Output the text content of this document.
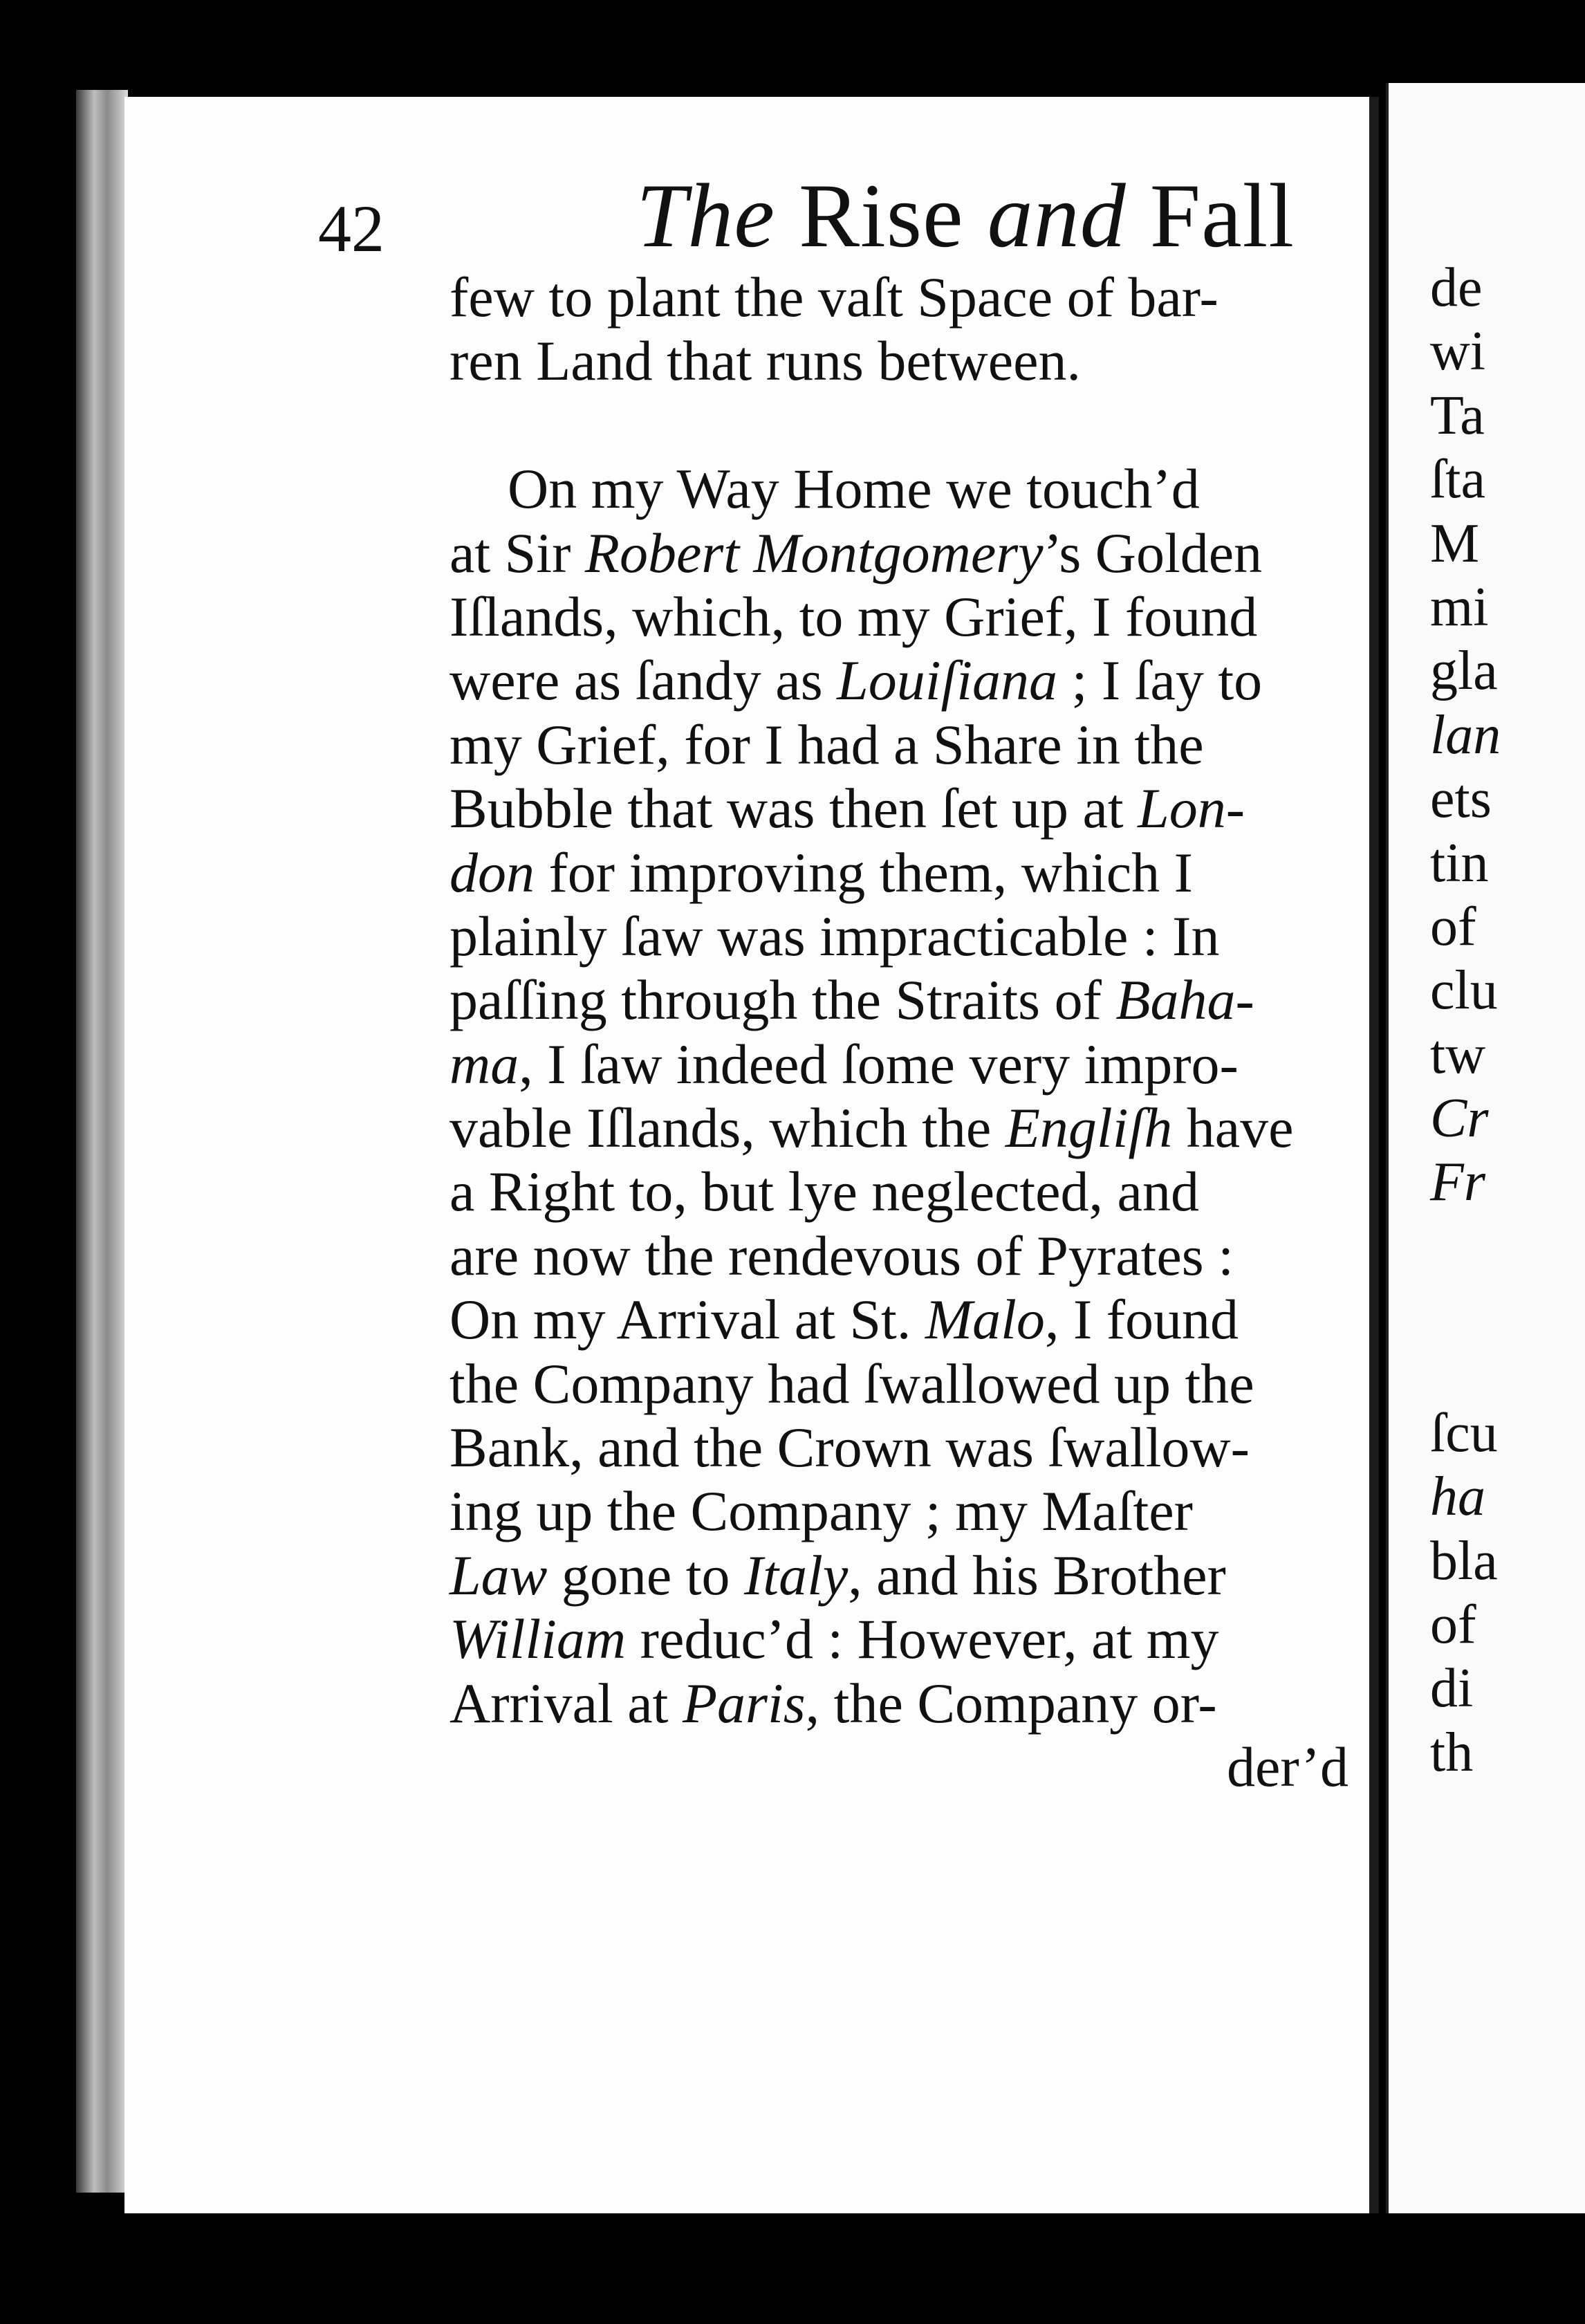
42	The Rise and Fall
few to plant the vaſt Space of bar-
ren Land that runs between.
On my Way Home we touch’d
at Sir Robert Montgomery’s Golden
Iſlands, which, to my Grief, I found
were as ſandy as Louiſiana ; I ſay to
my Grief, for I had a Share in the
Bubble that was then ſet up at Lon-
don for improving them, which I
plainly ſaw was impracticable : In
paſſing through the Straits of Baha-
ma, I ſaw indeed ſome very impro-
vable Iſlands, which the Engliſh have
a Right to, but lye neglected, and
are now the rendevous of Pyrates :
On my Arrival at St. Malo, I found
the Company had ſwallowed up the
Bank, and the Crown was ſwallow-
ing up the Company ; my Maſter
Law gone to Italy, and his Brother
William reduc’d : However, at my
Arrival at Paris, the Company or-
der’d
de
wi
Ta
ſta
M
mi
gla
lan
ets
tin
of
clu
tw
Cr
Fr
ſcu
ha
bla
of
di
th
